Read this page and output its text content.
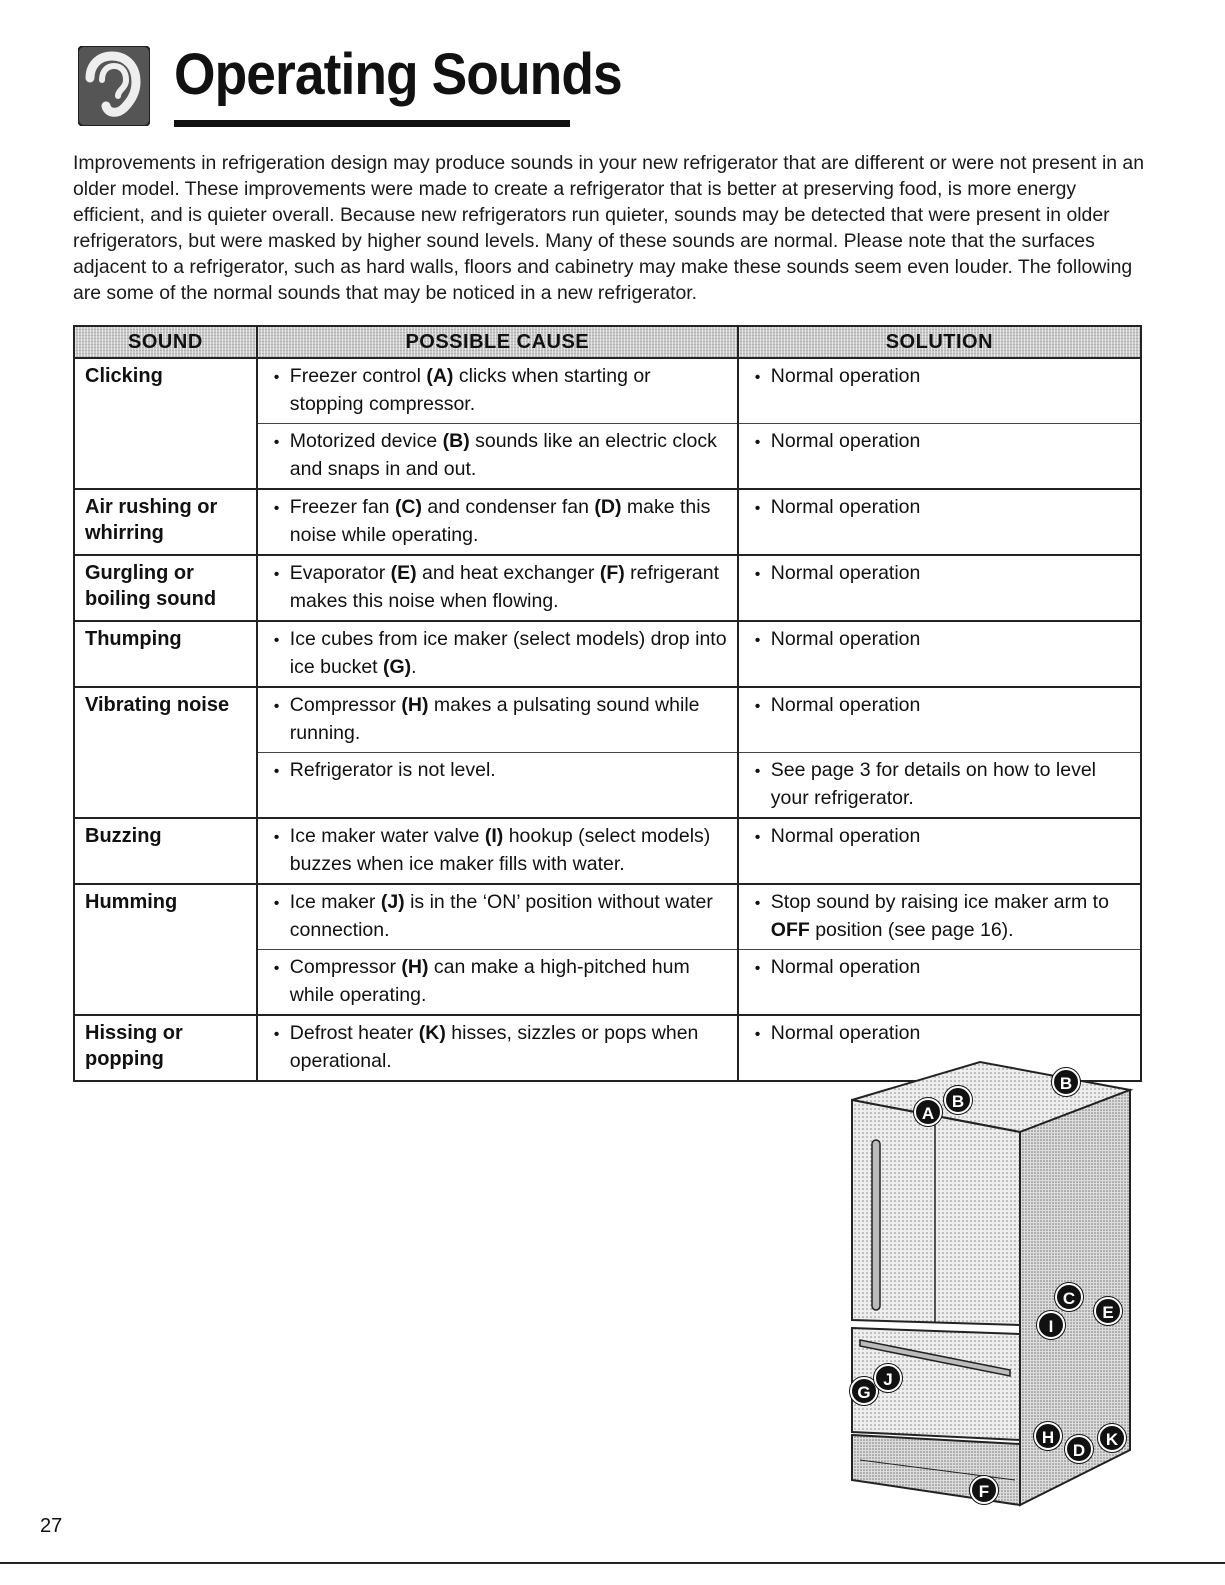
Operating Sounds

Improvements in refrigeration design may produce sounds in your new refrigerator that are different or were not present in an older model. These improvements were made to create a refrigerator that is better at preserving food, is more energy efficient, and is quieter overall. Because new refrigerators run quieter, sounds may be detected that were present in older refrigerators, but were masked by higher sound levels. Many of these sounds are normal. Please note that the surfaces adjacent to a refrigerator, such as hard walls, floors and cabinetry may make these sounds seem even louder. The following are some of the normal sounds that may be noticed in a new refrigerator.

SOUND	POSSIBLE CAUSE	SOLUTION
Clicking	• Freezer control (A) clicks when starting or stopping compressor.	• Normal operation

	• Motorized device (B) sounds like an electric clock and snaps in and out.	• Normal operation

Air rushing or whirring	• Freezer fan (C) and condenser fan (D) make this noise while operating.	• Normal operation

Gurgling or boiling sound	• Evaporator (E) and heat exchanger (F) refrigerant makes this noise when flowing.	• Normal operation

Thumping	• Ice cubes from ice maker (select models) drop into ice bucket (G).	• Normal operation

Vibrating noise	• Compressor (H) makes a pulsating sound while running.	• Normal operation

	• Refrigerator is not level.	• See page 3 for details on how to level your refrigerator.

Buzzing	• Ice maker water valve (I) hookup (select models) buzzes when ice maker fills with water.	• Normal operation

Humming	• Ice maker (J) is in the ‘ON’ position without water connection.	• Stop sound by raising ice maker arm to OFF position (see page 16).

	• Compressor (H) can make a high-pitched hum while operating.	• Normal operation

Hissing or popping	• Defrost heater (K) hisses, sizzles or pops when operational.	• Normal operation
A
B
B
C
E
I
G
J
H
D
K
F
27
